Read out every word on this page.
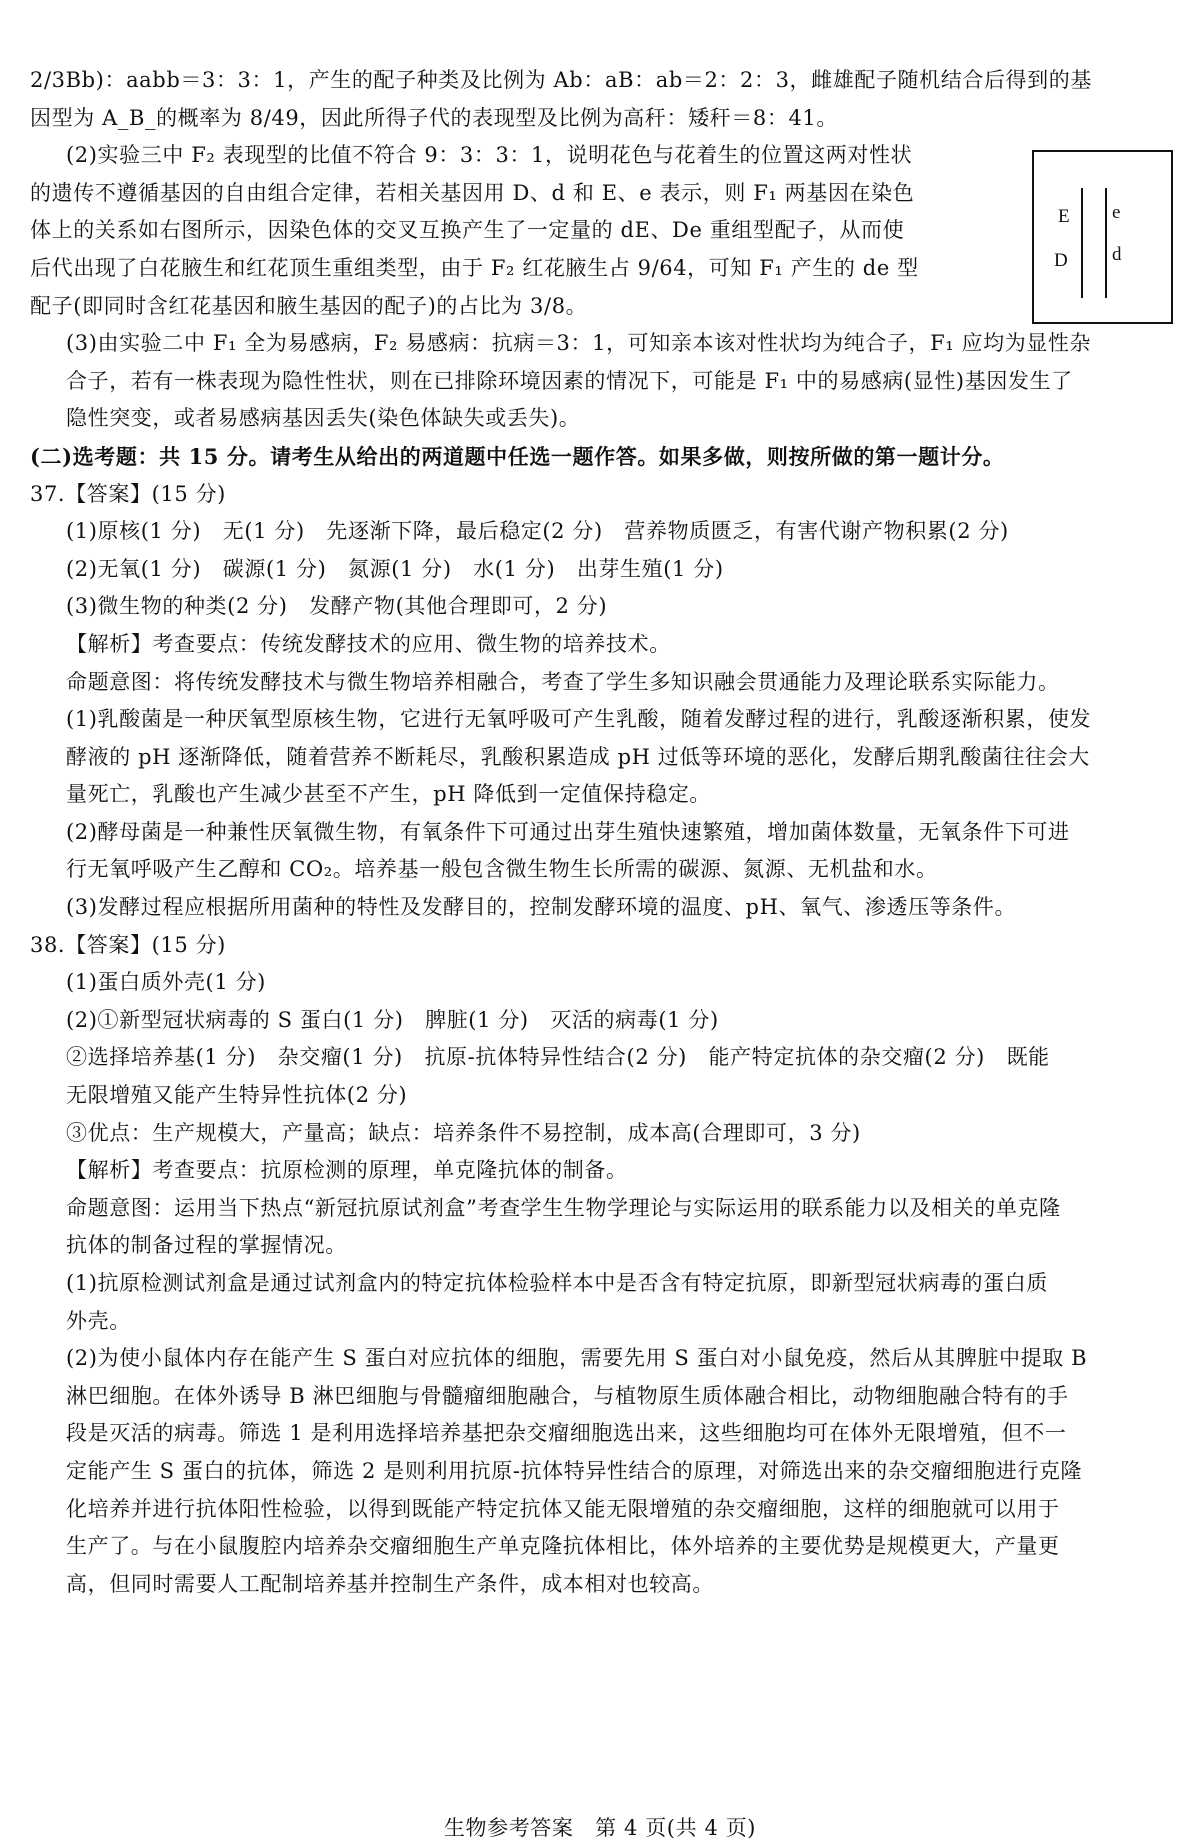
2/3Bb)：aabb＝3：3：1，产生的配子种类及比例为 Ab：aB：ab＝2：2：3，雌雄配子随机结合后得到的基
因型为 A_B_的概率为 8/49，因此所得子代的表现型及比例为高秆：矮秆＝8：41。
(2)实验三中 F₂ 表现型的比值不符合 9：3：3：1，说明花色与花着生的位置这两对性状
的遗传不遵循基因的自由组合定律，若相关基因用 D、d 和 E、e 表示，则 F₁ 两基因在染色
体上的关系如右图所示，因染色体的交叉互换产生了一定量的 dE、De 重组型配子，从而使
后代出现了白花腋生和红花顶生重组类型，由于 F₂ 红花腋生占 9/64，可知 F₁ 产生的 de 型
配子(即同时含红花基因和腋生基因的配子)的占比为 3/8。
(3)由实验二中 F₁ 全为易感病，F₂ 易感病：抗病＝3：1，可知亲本该对性状均为纯合子，F₁ 应均为显性杂
合子，若有一株表现为隐性性状，则在已排除环境因素的情况下，可能是 F₁ 中的易感病(显性)基因发生了
隐性突变，或者易感病基因丢失(染色体缺失或丢失)。
(二)选考题：共 15 分。请考生从给出的两道题中任选一题作答。如果多做，则按所做的第一题计分。
37.【答案】(15 分)
(1)原核(1 分)　无(1 分)　先逐渐下降，最后稳定(2 分)　营养物质匮乏，有害代谢产物积累(2 分)
(2)无氧(1 分)　碳源(1 分)　氮源(1 分)　水(1 分)　出芽生殖(1 分)
(3)微生物的种类(2 分)　发酵产物(其他合理即可，2 分)
【解析】考查要点：传统发酵技术的应用、微生物的培养技术。
命题意图：将传统发酵技术与微生物培养相融合，考查了学生多知识融会贯通能力及理论联系实际能力。
(1)乳酸菌是一种厌氧型原核生物，它进行无氧呼吸可产生乳酸，随着发酵过程的进行，乳酸逐渐积累，使发
酵液的 pH 逐渐降低，随着营养不断耗尽，乳酸积累造成 pH 过低等环境的恶化，发酵后期乳酸菌往往会大
量死亡，乳酸也产生减少甚至不产生，pH 降低到一定值保持稳定。
(2)酵母菌是一种兼性厌氧微生物，有氧条件下可通过出芽生殖快速繁殖，增加菌体数量，无氧条件下可进
行无氧呼吸产生乙醇和 CO₂。培养基一般包含微生物生长所需的碳源、氮源、无机盐和水。
(3)发酵过程应根据所用菌种的特性及发酵目的，控制发酵环境的温度、pH、氧气、渗透压等条件。
38.【答案】(15 分)
(1)蛋白质外壳(1 分)
(2)①新型冠状病毒的 S 蛋白(1 分)　脾脏(1 分)　灭活的病毒(1 分)
②选择培养基(1 分)　杂交瘤(1 分)　抗原-抗体特异性结合(2 分)　能产特定抗体的杂交瘤(2 分)　既能
无限增殖又能产生特异性抗体(2 分)
③优点：生产规模大，产量高；缺点：培养条件不易控制，成本高(合理即可，3 分)
【解析】考查要点：抗原检测的原理，单克隆抗体的制备。
命题意图：运用当下热点“新冠抗原试剂盒”考查学生生物学理论与实际运用的联系能力以及相关的单克隆
抗体的制备过程的掌握情况。
(1)抗原检测试剂盒是通过试剂盒内的特定抗体检验样本中是否含有特定抗原，即新型冠状病毒的蛋白质
外壳。
(2)为使小鼠体内存在能产生 S 蛋白对应抗体的细胞，需要先用 S 蛋白对小鼠免疫，然后从其脾脏中提取 B
淋巴细胞。在体外诱导 B 淋巴细胞与骨髓瘤细胞融合，与植物原生质体融合相比，动物细胞融合特有的手
段是灭活的病毒。筛选 1 是利用选择培养基把杂交瘤细胞选出来，这些细胞均可在体外无限增殖，但不一
定能产生 S 蛋白的抗体，筛选 2 是则利用抗原-抗体特异性结合的原理，对筛选出来的杂交瘤细胞进行克隆
化培养并进行抗体阳性检验，以得到既能产特定抗体又能无限增殖的杂交瘤细胞，这样的细胞就可以用于
生产了。与在小鼠腹腔内培养杂交瘤细胞生产单克隆抗体相比，体外培养的主要优势是规模更大，产量更
高，但同时需要人工配制培养基并控制生产条件，成本相对也较高。
E
D
e
d
生物参考答案　第 4 页(共 4 页)
